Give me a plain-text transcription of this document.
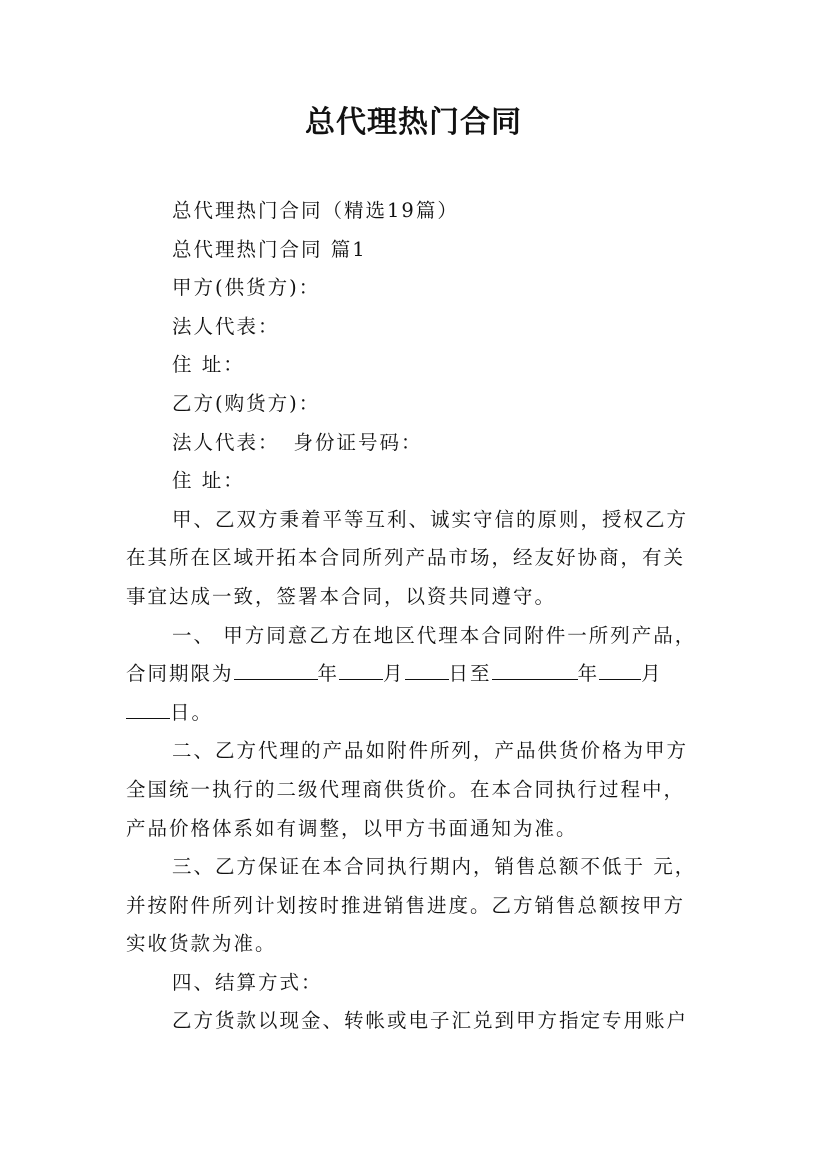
总代理热门合同

总代理热门合同（精选19篇）

总代理热门合同 篇1

甲方(供货方)：

法人代表：

住 址：

乙方(购货方)：

法人代表： 身份证号码：

住 址：

甲、乙双方秉着平等互利、诚实守信的原则，授权乙方在其所在区域开拓本合同所列产品市场，经友好协商，有关事宜达成一致，签署本合同，以资共同遵守。

一、 甲方同意乙方在地区代理本合同附件一所列产品，合同期限为	年 月 日至	年 月日。

二、乙方代理的产品如附件所列，产品供货价格为甲方全国统一执行的二级代理商供货价。在本合同执行过程中，产品价格体系如有调整，以甲方书面通知为准。

三、乙方保证在本合同执行期内，销售总额不低于 元，并按附件所列计划按时推进销售进度。乙方销售总额按甲方实收货款为准。

四、结算方式：

乙方货款以现金、转帐或电子汇兑到甲方指定专用账户
